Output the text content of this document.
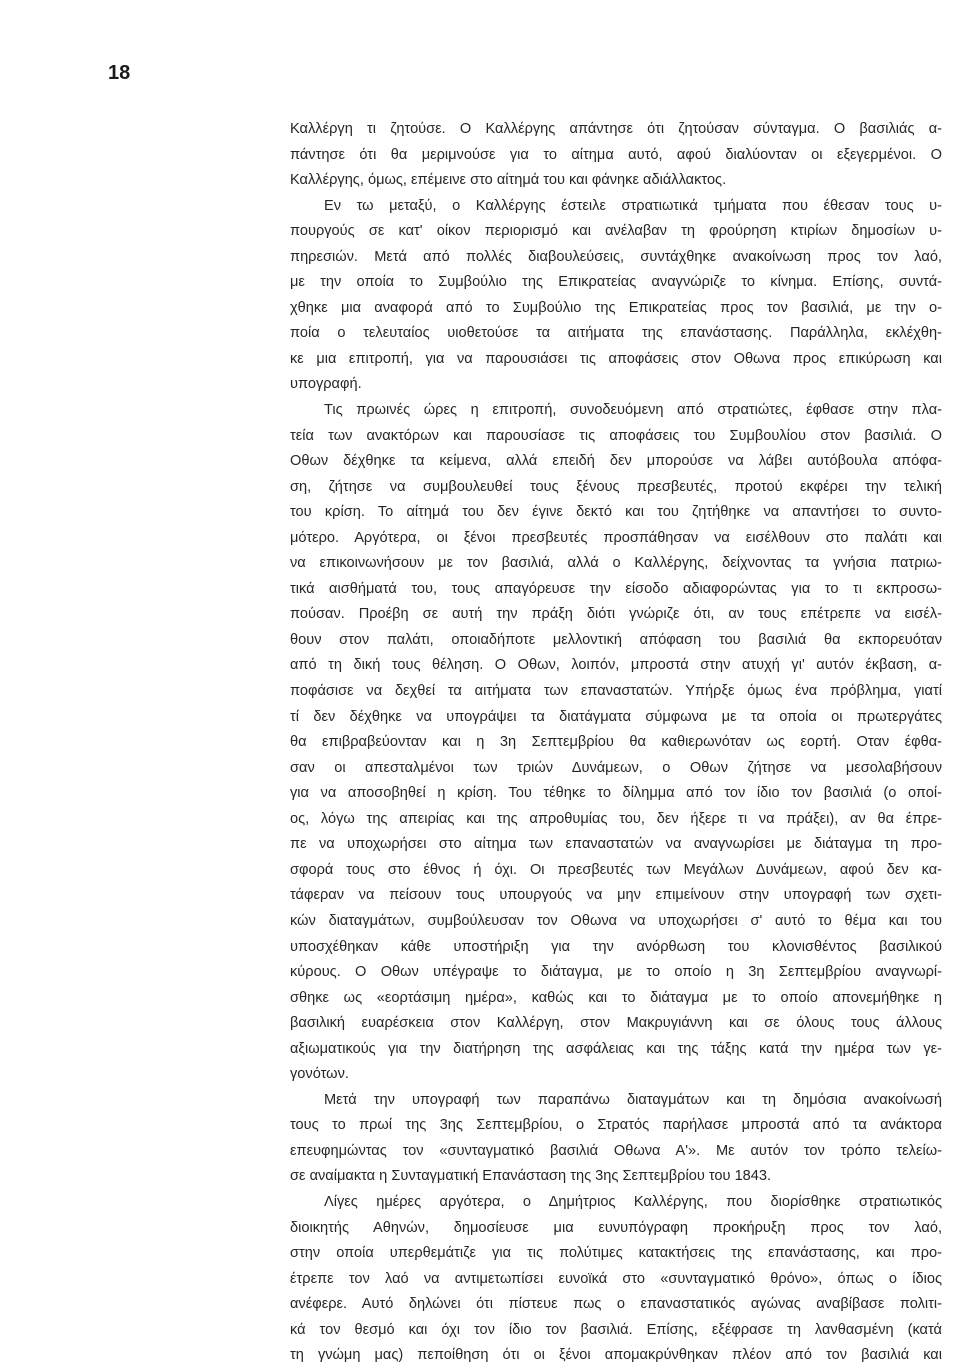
18
Καλλέργη τι ζητούσε. Ο Καλλέργης απάντησε ότι ζητούσαν σύνταγμα. Ο βασιλιάς α-
πάντησε ότι θα μεριμνούσε για το αίτημα αυτό, αφού διαλύονταν οι εξεγερμένοι. Ο
Καλλέργης, όμως, επέμεινε στο αίτημά του και φάνηκε αδιάλλακτος.
Εν τω μεταξύ, ο Καλλέργης έστειλε στρατιωτικά τμήματα που έθεσαν τους υ-
πουργούς σε κατ' οίκον περιορισμό και ανέλαβαν τη φρούρηση κτιρίων δημοσίων υ-
πηρεσιών. Μετά από πολλές διαβουλεύσεις, συντάχθηκε ανακοίνωση προς τον λαό,
με την οποία το Συμβούλιο της Επικρατείας αναγνώριζε το κίνημα. Επίσης, συντά-
χθηκε μια αναφορά από το Συμβούλιο της Επικρατείας προς τον βασιλιά, με την ο-
ποία ο τελευταίος υιοθετούσε τα αιτήματα της επανάστασης. Παράλληλα, εκλέχθη-
κε μια επιτροπή, για να παρουσιάσει τις αποφάσεις στον Οθωνα προς επικύρωση και
υπογραφή.
Τις πρωινές ώρες η επιτροπή, συνοδευόμενη από στρατιώτες, έφθασε στην πλα-
τεία των ανακτόρων και παρουσίασε τις αποφάσεις του Συμβουλίου στον βασιλιά. Ο
Οθων δέχθηκε τα κείμενα, αλλά επειδή δεν μπορούσε να λάβει αυτόβουλα απόφα-
ση, ζήτησε να συμβουλευθεί τους ξένους πρεσβευτές, προτού εκφέρει την τελική
του κρίση. Το αίτημά του δεν έγινε δεκτό και του ζητήθηκε να απαντήσει το συντο-
μότερο. Αργότερα, οι ξένοι πρεσβευτές προσπάθησαν να εισέλθουν στο παλάτι και
να επικοινωνήσουν με τον βασιλιά, αλλά ο Καλλέργης, δείχνοντας τα γνήσια πατριω-
τικά αισθήματά του, τους απαγόρευσε την είσοδο αδιαφορώντας για το τι εκπροσω-
πούσαν. Προέβη σε αυτή την πράξη διότι γνώριζε ότι, αν τους επέτρεπε να εισέλ-
θουν στον παλάτι, οποιαδήποτε μελλοντική απόφαση του βασιλιά θα εκπορευόταν
από τη δική τους θέληση. Ο Οθων, λοιπόν, μπροστά στην ατυχή γι' αυτόν έκβαση, α-
ποφάσισε να δεχθεί τα αιτήματα των επαναστατών. Υπήρξε όμως ένα πρόβλημα, γιατί
τί δεν δέχθηκε να υπογράψει τα διατάγματα σύμφωνα με τα οποία οι πρωτεργάτες
θα επιβραβεύονταν και η 3η Σεπτεμβρίου θα καθιερωνόταν ως εορτή. Οταν έφθα-
σαν οι απεσταλμένοι των τριών Δυνάμεων, ο Οθων ζήτησε να μεσολαβήσουν
για να αποσοβηθεί η κρίση. Του τέθηκε το δίλημμα από τον ίδιο τον βασιλιά (ο οποί-
ος, λόγω της απειρίας και της απροθυμίας του, δεν ήξερε τι να πράξει), αν θα έπρε-
πε να υποχωρήσει στο αίτημα των επαναστατών να αναγνωρίσει με διάταγμα τη προ-
σφορά τους στο έθνος ή όχι. Οι πρεσβευτές των Μεγάλων Δυνάμεων, αφού δεν κα-
τάφεραν να πείσουν τους υπουργούς να μην επιμείνουν στην υπογραφή των σχετι-
κών διαταγμάτων, συμβούλευσαν τον Οθωνα να υποχωρήσει σ' αυτό το θέμα και του
υποσχέθηκαν κάθε υποστήριξη για την ανόρθωση του κλονισθέντος βασιλικού
κύρους. Ο Οθων υπέγραψε το διάταγμα, με το οποίο η 3η Σεπτεμβρίου αναγνωρί-
σθηκε ως «εορτάσιμη ημέρα», καθώς και το διάταγμα με το οποίο απονεμήθηκε η
βασιλική ευαρέσκεια στον Καλλέργη, στον Μακρυγιάννη και σε όλους τους άλλους
αξιωματικούς για την διατήρηση της ασφάλειας και της τάξης κατά την ημέρα των γε-
γονότων.
Μετά την υπογραφή των παραπάνω διαταγμάτων και τη δημόσια ανακοίνωσή
τους το πρωί της 3ης Σεπτεμβρίου, ο Στρατός παρήλασε μπροστά από τα ανάκτορα
επευφημώντας τον «συνταγματικό βασιλιά Οθωνα Α'». Με αυτόν τον τρόπο τελείω-
σε αναίμακτα η Συνταγματική Επανάσταση της 3ης Σεπτεμβρίου του 1843.
Λίγες ημέρες αργότερα, ο Δημήτριος Καλλέργης, που διορίσθηκε στρατιωτικός
διοικητής Αθηνών, δημοσίευσε μια ευνυπόγραφη προκήρυξη προς τον λαό,
στην οποία υπερθεμάτιζε για τις πολύτιμες κατακτήσεις της επανάστασης, και προ-
έτρεπε τον λαό να αντιμετωπίσει ευνοϊκά στο «συνταγματικό θρόνο», όπως ο ίδιος
ανέφερε. Αυτό δηλώνει ότι πίστευε πως ο επαναστατικός αγώνας αναβίβασε πολιτι-
κά τον θεσμό και όχι τον ίδιο τον βασιλιά. Επίσης, εξέφρασε τη λανθασμένη (κατά
τη γνώμη μας) πεποίθηση ότι οι ξένοι απομακρύνθηκαν πλέον από τον βασιλιά και
